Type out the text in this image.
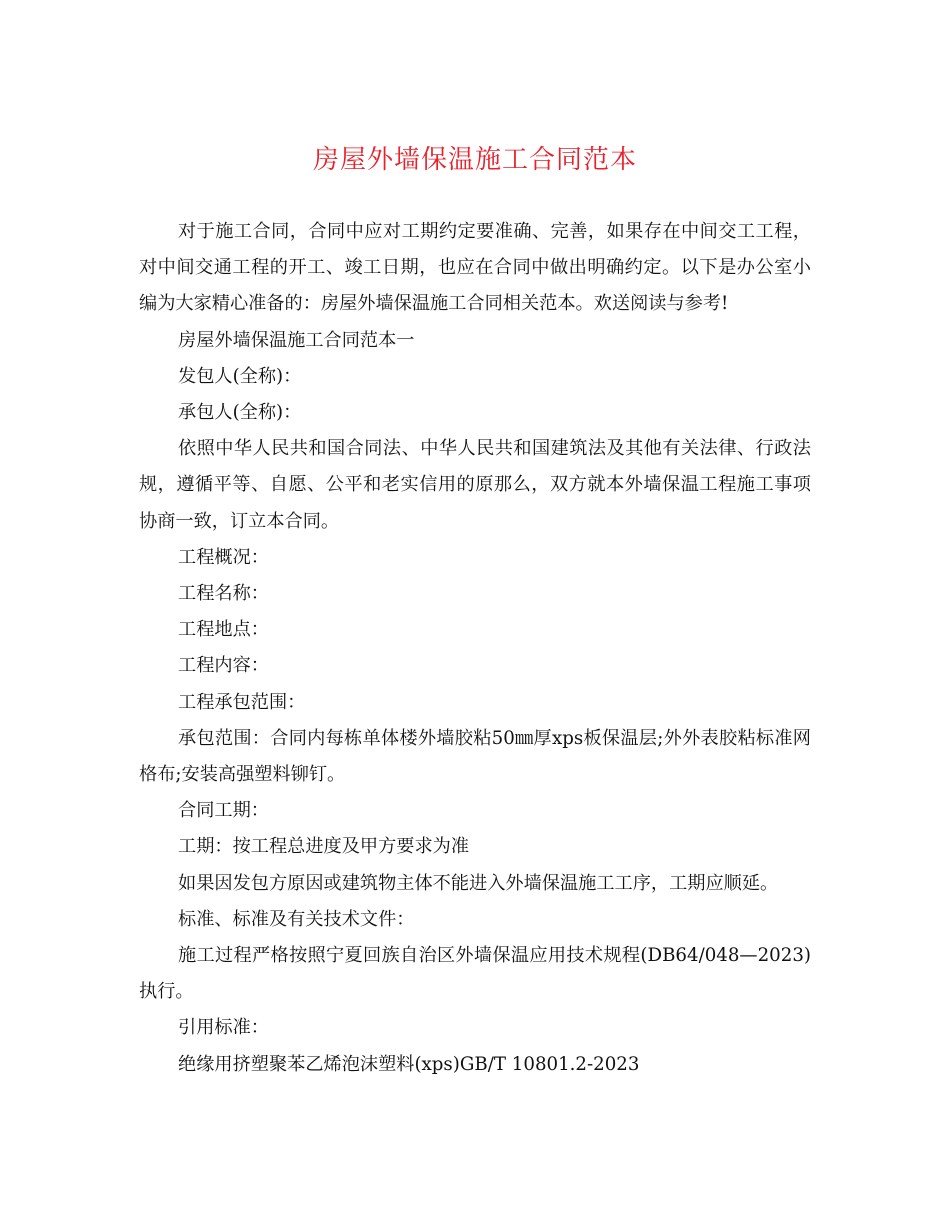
房屋外墙保温施工合同范本

对于施工合同，合同中应对工期约定要准确、完善，如果存在中间交工工程，对中间交通工程的开工、竣工日期，也应在合同中做出明确约定。以下是办公室小编为大家精心准备的：房屋外墙保温施工合同相关范本。欢送阅读与参考!

房屋外墙保温施工合同范本一

发包人(全称)：

承包人(全称)：

依照中华人民共和国合同法、中华人民共和国建筑法及其他有关法律、行政法规，遵循平等、自愿、公平和老实信用的原那么，双方就本外墙保温工程施工事项协商一致，订立本合同。

工程概况：

工程名称：

工程地点：

工程内容：

工程承包范围：

承包范围：合同内每栋单体楼外墙胶粘50㎜厚xps板保温层;外外表胶粘标准网格布;安装高强塑料铆钉。

合同工期：

工期：按工程总进度及甲方要求为准

如果因发包方原因或建筑物主体不能进入外墙保温施工工序，工期应顺延。

标准、标准及有关技术文件：

施工过程严格按照宁夏回族自治区外墙保温应用技术规程(DB64/048—2023)执行。

引用标准：

绝缘用挤塑聚苯乙烯泡沫塑料(xps)GB/T 10801.2-2023
